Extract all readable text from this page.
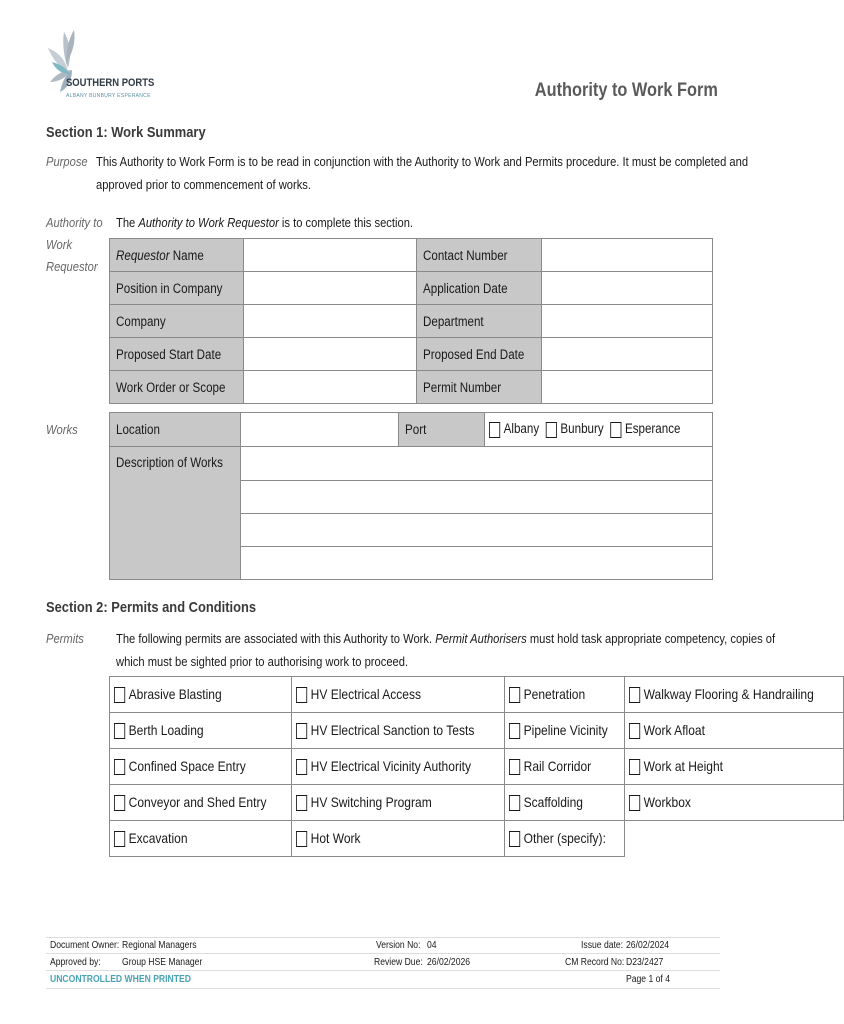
SOUTHERN PORTS
ALBANY BUNBURY ESPERANCE	Authority to Work Form
Section 1: Work Summary
Purpose This Authority to Work Form is to be read in conjunction with the Authority to Work and Permits procedure. It must be completed and
approved prior to commencement of works.
Authority to
Work
Requestor
The Authority to Work Requestor is to complete this section.
Requestor Name		Contact Number	
Position in Company		Application Date	
Company		Department	
Proposed Start Date		Proposed End Date	
Work Order or Scope		Permit Number	
Works	Location		Port	Albany Bunbury Esperance
Description of Works			

Section 2: Permits and Conditions
Permits The following permits are associated with this Authority to Work. Permit Authorisers must hold task appropriate competency, copies of
which must be sighted prior to authorising work to proceed.
Abrasive Blasting	HV Electrical Access	Penetration	Walkway Flooring & Handrailing
Berth Loading	HV Electrical Sanction to Tests	Pipeline Vicinity	Work Afloat
Confined Space Entry	HV Electrical Vicinity Authority	Rail Corridor	Work at Height
Conveyor and Shed Entry	HV Switching Program	Scaffolding	Workbox
Excavation	Hot Work	Other (specify):	
Document Owner: Regional Managers
Approved by: Group HSE Manager
UNCONTROLLED WHEN PRINTED
Version No: 04
Review Due: 26/02/2026
Issue date: 26/02/2024
CM Record No: D23/2427
Page 1 of 4
